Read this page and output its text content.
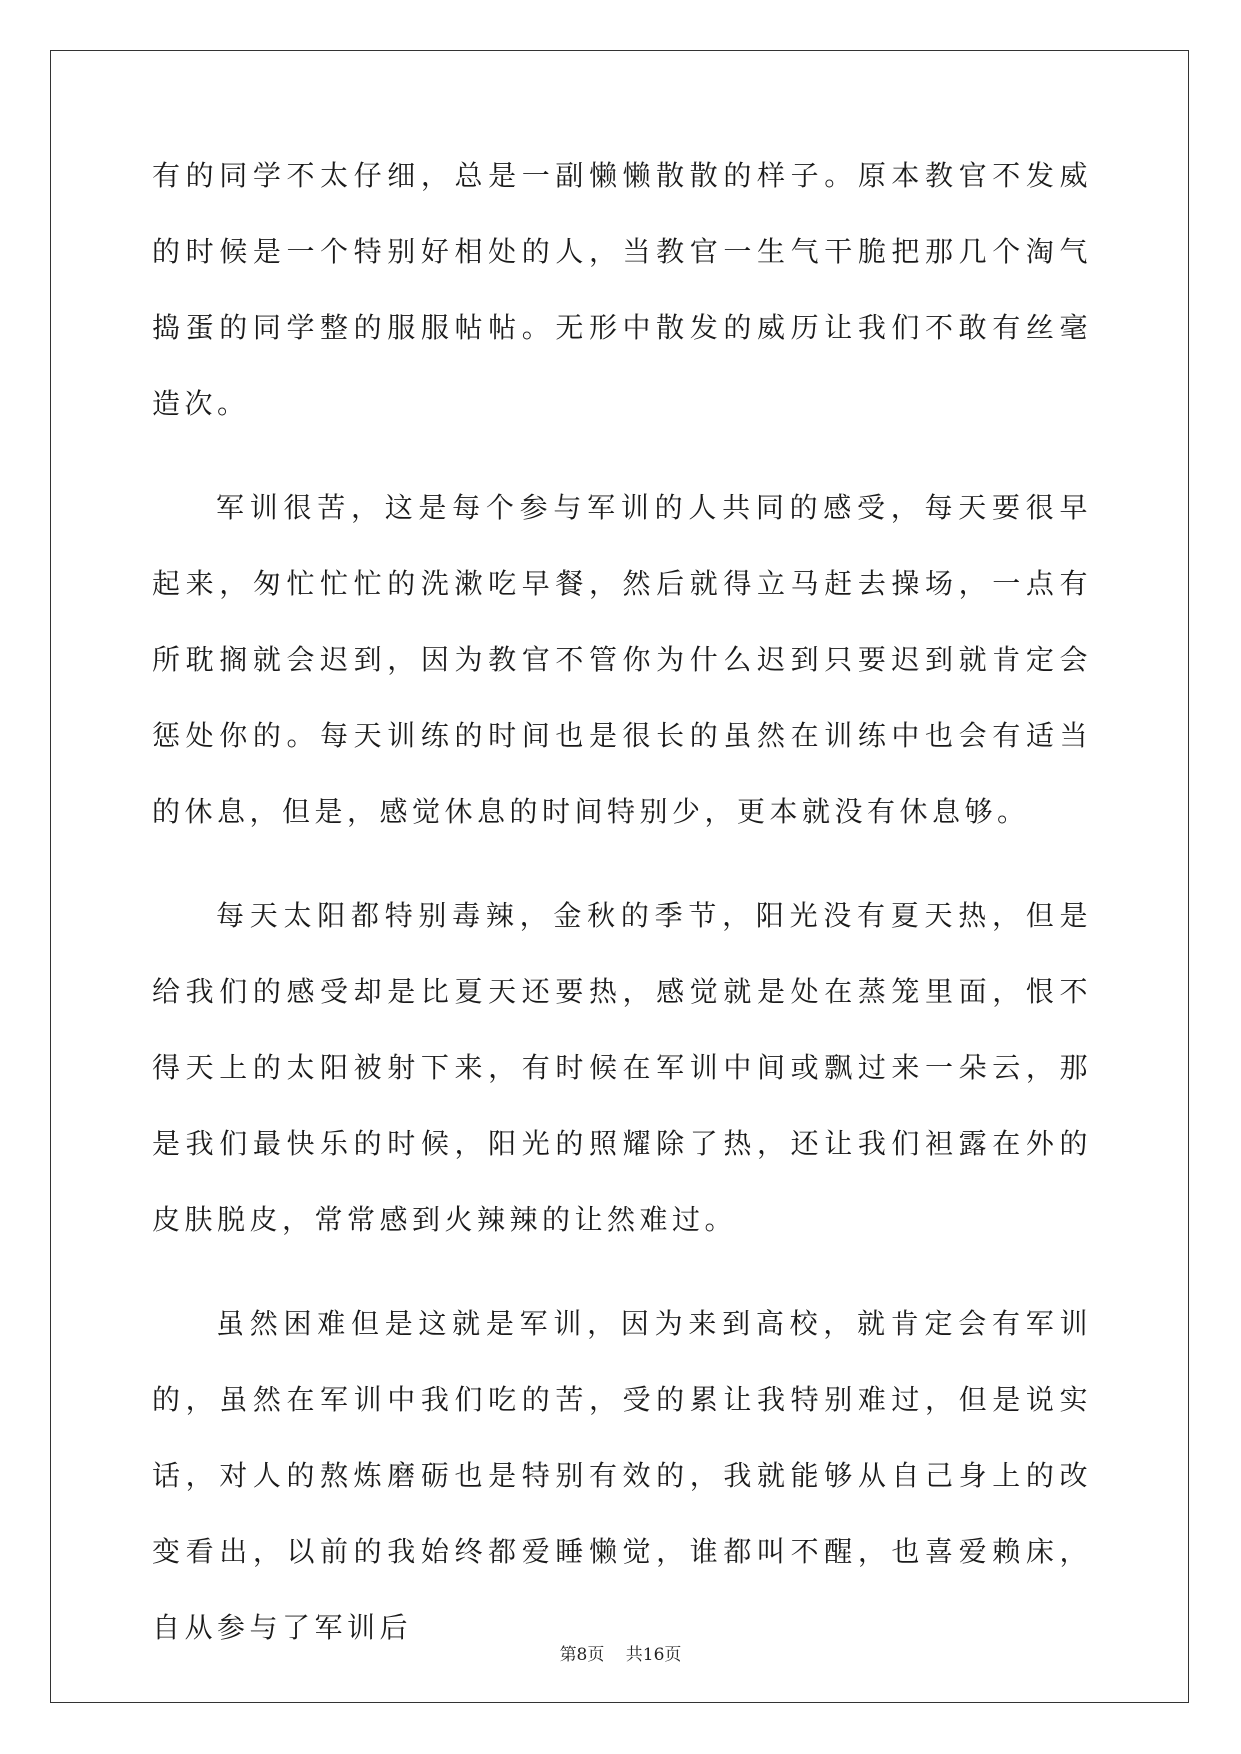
有的同学不太仔细，总是一副懒懒散散的样子。原本教官不发威的时候是一个特别好相处的人，当教官一生气干脆把那几个淘气捣蛋的同学整的服服帖帖。无形中散发的威历让我们不敢有丝毫造次。

军训很苦，这是每个参与军训的人共同的感受，每天要很早起来，匆忙忙忙的洗漱吃早餐，然后就得立马赶去操场，一点有所耽搁就会迟到，因为教官不管你为什么迟到只要迟到就肯定会惩处你的。每天训练的时间也是很长的虽然在训练中也会有适当的休息，但是，感觉休息的时间特别少，更本就没有休息够。

每天太阳都特别毒辣，金秋的季节，阳光没有夏天热，但是给我们的感受却是比夏天还要热，感觉就是处在蒸笼里面，恨不得天上的太阳被射下来，有时候在军训中间或飘过来一朵云，那是我们最快乐的时候，阳光的照耀除了热，还让我们袒露在外的皮肤脱皮，常常感到火辣辣的让然难过。

虽然困难但是这就是军训，因为来到高校，就肯定会有军训的，虽然在军训中我们吃的苦，受的累让我特别难过，但是说实话，对人的熬炼磨砺也是特别有效的，我就能够从自己身上的改变看出，以前的我始终都爱睡懒觉，谁都叫不醒，也喜爱赖床，自从参与了军训后

第8页 共16页
